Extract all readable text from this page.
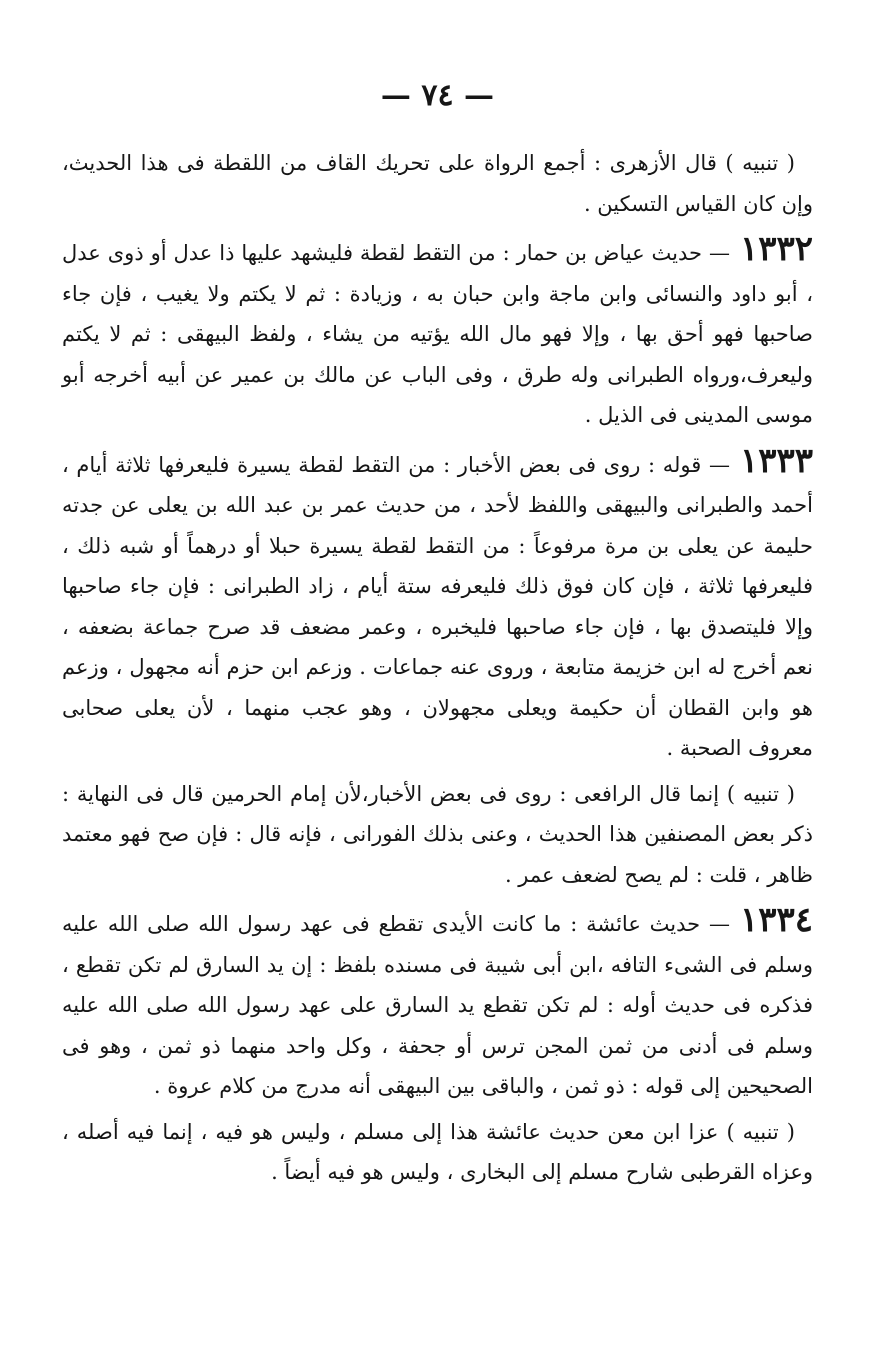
— ٧٤ —

( تنبيه ) قال الأزهرى : أجمع الرواة على تحريك القاف من اللقطة فى هذا الحديث، وإن كان القياس التسكين .

١٣٣٢— حديث عياض بن حمار : من التقط لقطة فليشهد عليها ذا عدل أو ذوى عدل ، أبو داود والنسائى وابن ماجة وابن حبان به ، وزيادة : ثم لا يكتم ولا يغيب ، فإن جاء صاحبها فهو أحق بها ، وإلا فهو مال الله يؤتيه من يشاء ، ولفظ البيهقى : ثم لا يكتم وليعرف،ورواه الطبرانى وله طرق ، وفى الباب عن مالك بن عمير عن أبيه أخرجه أبو موسى المدينى فى الذيل .

١٣٣٣— قوله : روى فى بعض الأخبار : من التقط لقطة يسيرة فليعرفها ثلاثة أيام ، أحمد والطبرانى والبيهقى واللفظ لأحد ، من حديث عمر بن عبد الله بن يعلى عن جدته حليمة عن يعلى بن مرة مرفوعاً : من التقط لقطة يسيرة حبلا أو درهماً أو شبه ذلك ، فليعرفها ثلاثة ، فإن كان فوق ذلك فليعرفه ستة أيام ، زاد الطبرانى : فإن جاء صاحبها وإلا فليتصدق بها ، فإن جاء صاحبها فليخبره ، وعمر مضعف قد صرح جماعة بضعفه ، نعم أخرج له ابن خزيمة متابعة ، وروى عنه جماعات . وزعم ابن حزم أنه مجهول ، وزعم هو وابن القطان أن حكيمة ويعلى مجهولان ، وهو عجب منهما ، لأن يعلى صحابى معروف الصحبة .

( تنبيه ) إنما قال الرافعى : روى فى بعض الأخبار،لأن إمام الحرمين قال فى النهاية : ذكر بعض المصنفين هذا الحديث ، وعنى بذلك الفورانى ، فإنه قال : فإن صح فهو معتمد ظاهر ، قلت : لم يصح لضعف عمر .

١٣٣٤— حديث عائشة : ما كانت الأيدى تقطع فى عهد رسول الله صلى الله عليه وسلم فى الشىء التافه ،ابن أبى شيبة فى مسنده بلفظ : إن يد السارق لم تكن تقطع ، فذكره فى حديث أوله : لم تكن تقطع يد السارق على عهد رسول الله صلى الله عليه وسلم فى أدنى من ثمن المجن ترس أو جحفة ، وكل واحد منهما ذو ثمن ، وهو فى الصحيحين إلى قوله : ذو ثمن ، والباقى بين البيهقى أنه مدرج من كلام عروة .

( تنبيه ) عزا ابن معن حديث عائشة هذا إلى مسلم ، وليس هو فيه ، إنما فيه أصله ، وعزاه القرطبى شارح مسلم إلى البخارى ، وليس هو فيه أيضاً .
